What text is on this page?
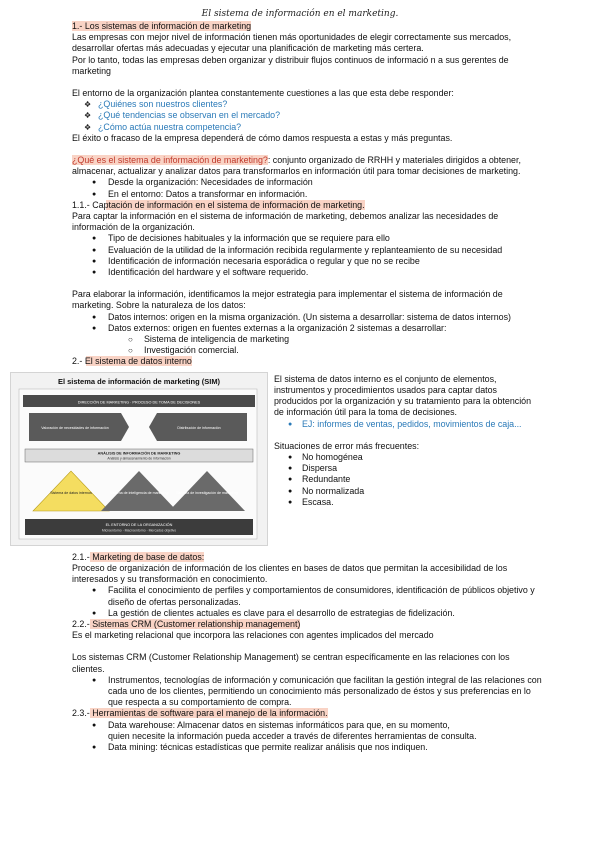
El sistema de información en el marketing.

1.- Los sistemas de información de marketing

Las empresas con mejor nivel de información tienen más oportunidades de elegir correctamente sus mercados, desarrollar ofertas más adecuadas y ejecutar una planificación de marketing más certera.

Por lo tanto, todas las empresas deben organizar y distribuir flujos continuos de informació n a sus gerentes de marketing

El entorno de la organización plantea constantemente cuestiones a las que esta debe responder:

❖ ¿Quiénes son nuestros clientes?
❖ ¿Qué tendencias se observan en el mercado?
❖ ¿Cómo actúa nuestra competencia?

El éxito o fracaso de la empresa dependerá de cómo damos respuesta a estas y más preguntas.

¿Qué es el sistema de información de marketing?: conjunto organizado de RRHH y materiales dirigidos a obtener, almacenar, actualizar y analizar datos para transformarlos en información útil para tomar decisiones de marketing.

● Desde la organización: Necesidades de información
● En el entorno: Datos a transformar en información.

1.1.- Captación de información en el sistema de información de marketing.

Para captar la información en el sistema de información de marketing, debemos analizar las necesidades de información de la organización.

● Tipo de decisiones habituales y la información que se requiere para ello
● Evaluación de la utilidad de la información recibida regularmente y replanteamiento de su necesidad
● Identificación de información necesaria esporádica o regular y que no se recibe
● Identificación del hardware y el software requerido.

Para elaborar la información, identificamos la mejor estrategia para implementar el sistema de información de marketing. Sobre la naturaleza de los datos:

● Datos internos: origen en la misma organización. (Un sistema a desarrollar: sistema de datos internos)
● Datos externos: origen en fuentes externas a la organización 2 sistemas a desarrollar:
○ Sistema de inteligencia de marketing
○ Investigación comercial.

2.- El sistema de datos interno

El sistema de información de marketing (SIM)
DIRECCIÓN DE MARKETING · PROCESO DE TOMA DE DECISIONES
Valoración de necesidades de información	Distribución de información
ANÁLISIS DE INFORMACIÓN DE MARKETING
Análisis y almacenamiento de información
Sistema de datos internos	Sistema de inteligencia de marketing Sistema de investigación de marketing
EL ENTORNO DE LA ORGANIZACIÓN
Microentorno · Macroentorno · Mercados objetivo

El sistema de datos interno es el conjunto de elementos, instrumentos y procedimientos usados para captar datos producidos por la organización y su tratamiento para la obtención de información útil para la toma de decisiones.

● EJ: informes de ventas, pedidos, movimientos de caja...

Situaciones de error más frecuentes:

● No homogénea
● Dispersa
● Redundante
● No normalizada
● Escasa.

2.1.- Marketing de base de datos:

Proceso de organización de información de los clientes en bases de datos que permitan la accesibilidad de los interesados y su transformación en conocimiento.

● Facilita el conocimiento de perfiles y comportamientos de consumidores, identificación de públicos objetivo y diseño de ofertas personalizadas.
● La gestión de clientes actuales es clave para el desarrollo de estrategias de fidelización.

2.2.- Sistemas CRM (Customer relationship management)

Es el marketing relacional que incorpora las relaciones con agentes implicados del mercado

Los sistemas CRM (Customer Relationship Management) se centran específicamente en las relaciones con los clientes.

● Instrumentos, tecnologías de información y comunicación que facilitan la gestión integral de las relaciones con cada uno de los clientes, permitiendo un conocimiento más personalizado de éstos y sus preferencias en lo que respecta a su comportamiento de compra.

2.3.- Herramientas de software para el manejo de la información.

● Data warehouse: Almacenar datos en sistemas informáticos para que, en su momento,
quien necesite la información pueda acceder a través de diferentes herramientas de consulta.
● Data mining: técnicas estadísticas que permite realizar análisis que nos indiquen.
